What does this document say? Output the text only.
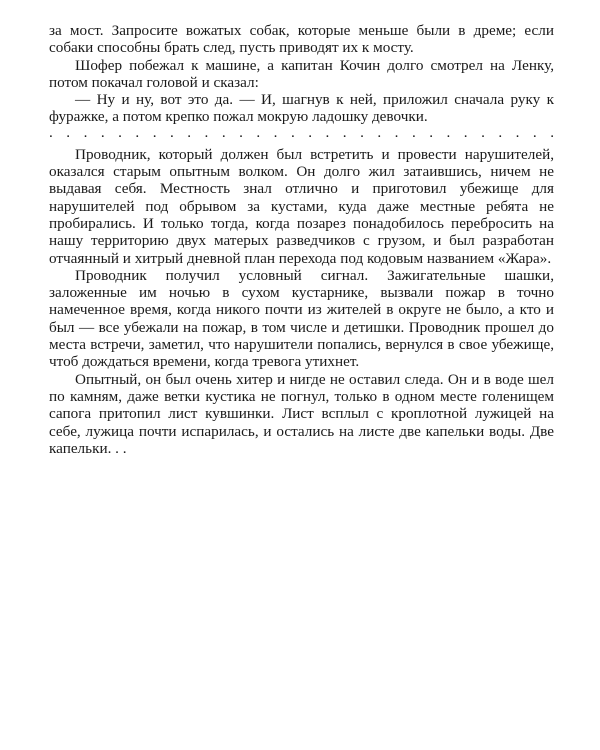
за мост. Запросите вожатых собак, которые меньше были в дреме; если собаки способны брать след, пусть приводят их к мосту.

Шофер побежал к машине, а капитан Кочин долго смотрел на Ленку, потом покачал головой и сказал:

— Ну и ну, вот это да. — И, шагнув к ней, приложил сначала руку к фуражке, а потом крепко пожал мокрую ладошку девочки.

. . . . . . . . . . . . . . . . . . . . . . . . . . . . . .

Проводник, который должен был встретить и провести нарушителей, оказался старым опытным волком. Он долго жил затаившись, ничем не выдавая себя. Местность знал отлично и приготовил убежище для нарушителей под обрывом за кустами, куда даже местные ребята не пробирались. И только тогда, когда позарез понадобилось перебросить на нашу территорию двух матерых разведчиков с грузом, и был разработан отчаянный и хитрый дневной план перехода под кодовым названием «Жара».

Проводник получил условный сигнал. Зажигательные шашки, заложенные им ночью в сухом кустарнике, вызвали пожар в точно намеченное время, когда никого почти из жителей в округе не было, а кто и был — все убежали на пожар, в том числе и детишки. Проводник прошел до места встречи, заметил, что нарушители попались, вернулся в свое убежище, чтоб дождаться времени, когда тревога утихнет.

Опытный, он был очень хитер и нигде не оставил следа. Он и в воде шел по камням, даже ветки кустика не погнул, только в одном месте голенищем сапога притопил лист кувшинки. Лист всплыл с кроплотной лужицей на себе, лужица почти испарилась, и остались на листе две капельки воды. Две капельки. . .
